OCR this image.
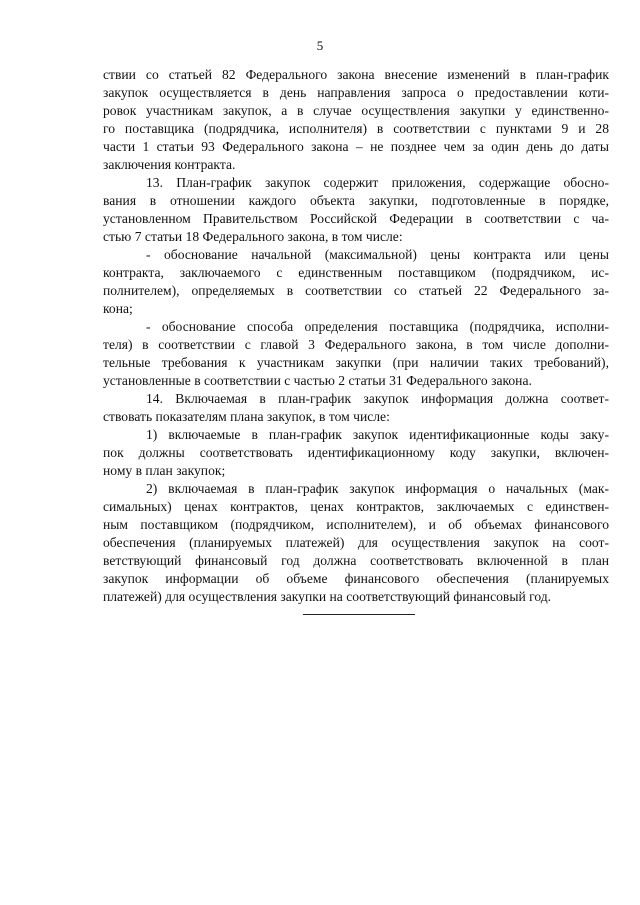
5
ствии со статьей 82 Федерального закона внесение изменений в план-график
закупок осуществляется в день направления запроса о предоставлении коти-
ровок участникам закупок, а в случае осуществления закупки у единственно-
го поставщика (подрядчика, исполнителя) в соответствии с пунктами 9 и 28
части 1 статьи 93 Федерального закона – не позднее чем за один день до даты
заключения контракта.
13. План-график закупок содержит приложения, содержащие обосно-
вания в отношении каждого объекта закупки, подготовленные в порядке,
установленном Правительством Российской Федерации в соответствии с ча-
стью 7 статьи 18 Федерального закона, в том числе:
- обоснование начальной (максимальной) цены контракта или цены
контракта, заключаемого с единственным поставщиком (подрядчиком, ис-
полнителем), определяемых в соответствии со статьей 22 Федерального за-
кона;
- обоснование способа определения поставщика (подрядчика, исполни-
теля) в соответствии с главой 3 Федерального закона, в том числе дополни-
тельные требования к участникам закупки (при наличии таких требований),
установленные в соответствии с частью 2 статьи 31 Федерального закона.
14. Включаемая в план-график закупок информация должна соответ-
ствовать показателям плана закупок, в том числе:
1) включаемые в план-график закупок идентификационные коды заку-
пок должны соответствовать идентификационному коду закупки, включен-
ному в план закупок;
2) включаемая в план-график закупок информация о начальных (мак-
симальных) ценах контрактов, ценах контрактов, заключаемых с единствен-
ным поставщиком (подрядчиком, исполнителем), и об объемах финансового
обеспечения (планируемых платежей) для осуществления закупок на соот-
ветствующий финансовый год должна соответствовать включенной в план
закупок информации об объеме финансового обеспечения (планируемых
платежей) для осуществления закупки на соответствующий финансовый год.
